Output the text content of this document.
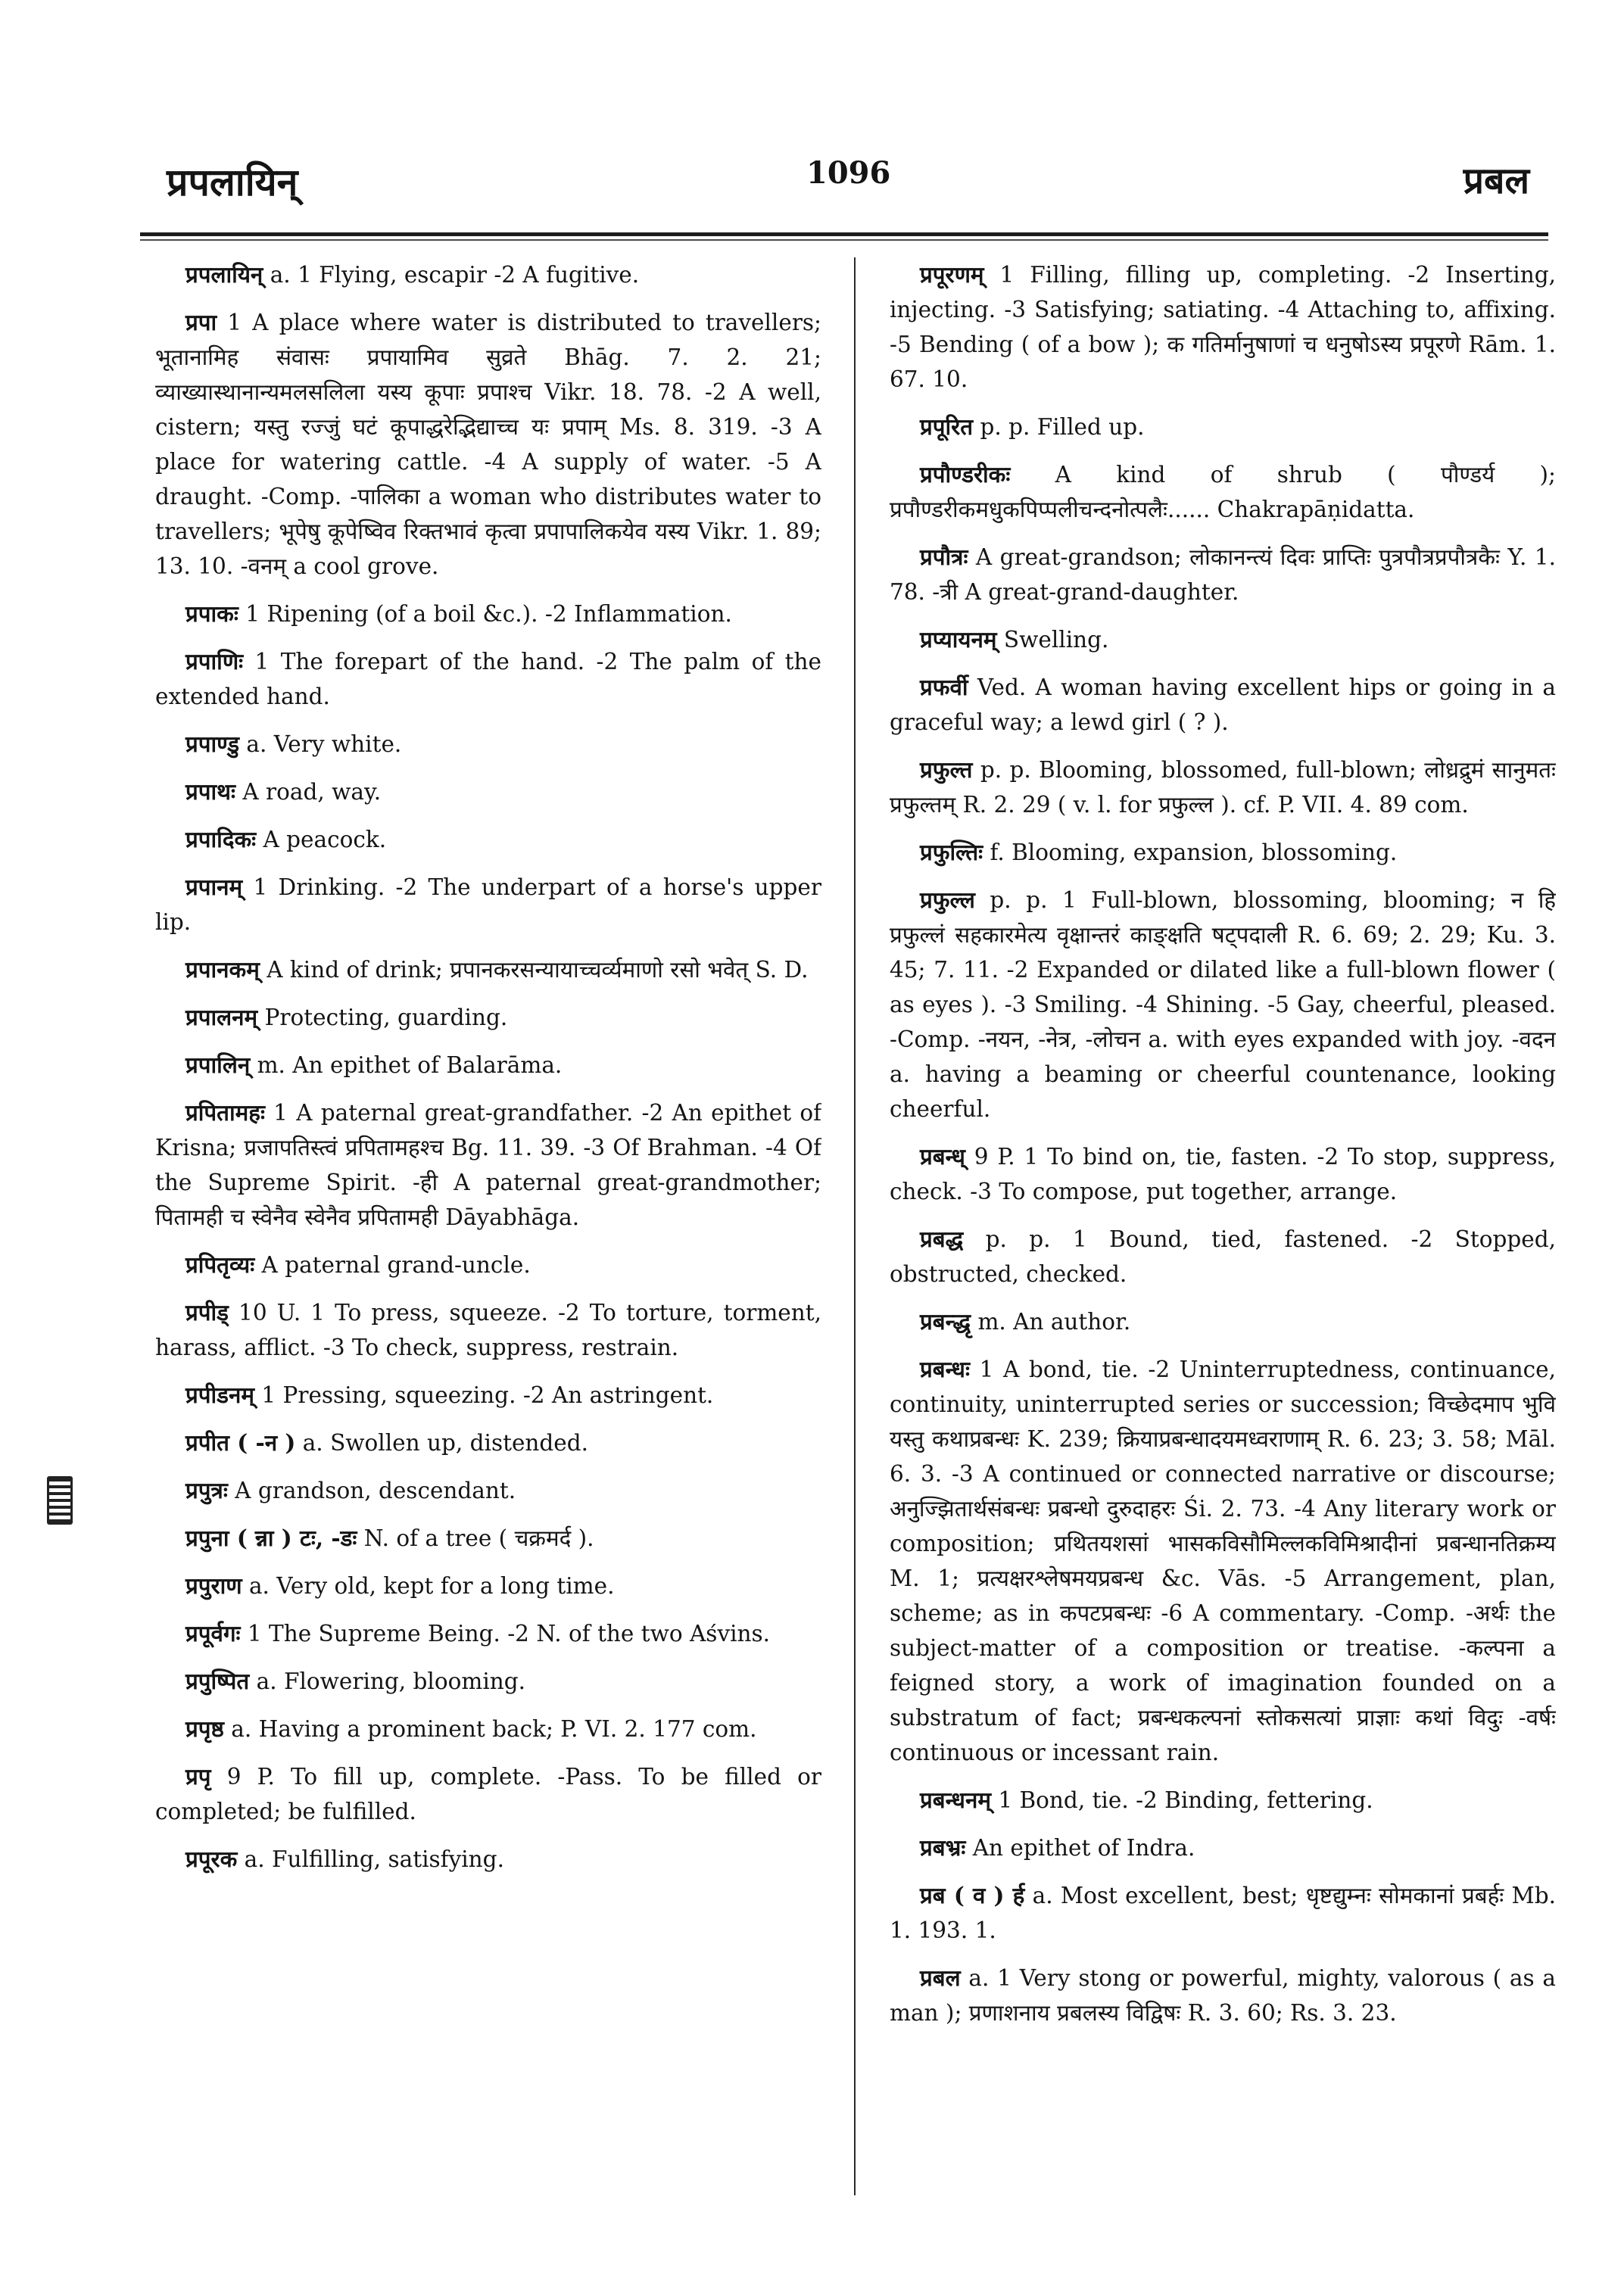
प्रपलायिन्	1096	प्रबल

प्रपलायिन् a. 1 Flying, escapir -2 A fugitive.

प्रपा 1 A place where water is distributed to travellers; भूतानामिह संवासः प्रपायामिव सुव्रते Bhāg. 7. 2. 21; व्याख्यास्थानान्यमलसलिला यस्य कूपाः प्रपाश्च Vikr. 18. 78. -2 A well, cistern; यस्तु रज्जुं घटं कूपाद्धरेद्भिद्याच्च यः प्रपाम् Ms. 8. 319. -3 A place for watering cattle. -4 A supply of water. -5 A draught. -Comp. -पालिका a woman who distributes water to travellers; भूपेषु कूपेष्विव रिक्तभावं कृत्वा प्रपापालिकयेव यस्य Vikr. 1. 89; 13. 10. -वनम् a cool grove.

प्रपाकः 1 Ripening (of a boil &c.). -2 Inflammation.

प्रपाणिः 1 The forepart of the hand. -2 The palm of the extended hand.

प्रपाण्डु a. Very white.

प्रपाथः A road, way.

प्रपादिकः A peacock.

प्रपानम् 1 Drinking. -2 The underpart of a horse's upper lip.

प्रपानकम् A kind of drink; प्रपानकरसन्यायाच्चर्व्यमाणो रसो भवेत् S. D.

प्रपालनम् Protecting, guarding.

प्रपालिन् m. An epithet of Balarāma.

प्रपितामहः 1 A paternal great-grandfather. -2 An epithet of Krisna; प्रजापतिस्त्वं प्रपितामहश्च Bg. 11. 39. -3 Of Brahman. -4 Of the Supreme Spirit. -ही A paternal great-grandmother; पितामही च स्वेनैव स्वेनैव प्रपितामही Dāyabhāga.

प्रपितृव्यः A paternal grand-uncle.

प्रपीड् 10 U. 1 To press, squeeze. -2 To torture, torment, harass, afflict. -3 To check, suppress, restrain.

प्रपीडनम् 1 Pressing, squeezing. -2 An astringent.

प्रपीत ( -न ) a. Swollen up, distended.

प्रपुत्रः A grandson, descendant.

प्रपुना ( न्ना ) टः, -डः N. of a tree ( चक्रमर्द ).

प्रपुराण a. Very old, kept for a long time.

प्रपूर्वगः 1 The Supreme Being. -2 N. of the two Aśvins.

प्रपुष्पित a. Flowering, blooming.

प्रपृष्ठ a. Having a prominent back; P. VI. 2. 177 com.

प्रपृ 9 P. To fill up, complete. -Pass. To be filled or completed; be fulfilled.

प्रपूरक a. Fulfilling, satisfying.

प्रपूरणम् 1 Filling, filling up, completing. -2 Inserting, injecting. -3 Satisfying; satiating. -4 Attaching to, affixing. -5 Bending ( of a bow ); क गतिर्मानुषाणां च धनुषोऽस्य प्रपूरणे Rām. 1. 67. 10.

प्रपूरित p. p. Filled up.

प्रपौण्डरीकः A kind of shrub ( पौण्डर्य ); प्रपौण्डरीकमधुकपिप्पलीचन्दनोत्पलैः...... Chakrapāṇidatta.

प्रपौत्रः A great-grandson; लोकानन्त्यं दिवः प्राप्तिः पुत्रपौत्रप्रपौत्रकैः Y. 1. 78. -त्री A great-grand-daughter.

प्रप्यायनम् Swelling.

प्रफर्वी Ved. A woman having excellent hips or going in a graceful way; a lewd girl ( ? ).

प्रफुल्त p. p. Blooming, blossomed, full-blown; लोध्रद्रुमं सानुमतः प्रफुल्तम् R. 2. 29 ( v. l. for प्रफुल्ल ). cf. P. VII. 4. 89 com.

प्रफुल्तिः f. Blooming, expansion, blossoming.

प्रफुल्ल p. p. 1 Full-blown, blossoming, blooming; न हि प्रफुल्लं सहकारमेत्य वृक्षान्तरं काङ्क्षति षट्पदाली R. 6. 69; 2. 29; Ku. 3. 45; 7. 11. -2 Expanded or dilated like a full-blown flower ( as eyes ). -3 Smiling. -4 Shining. -5 Gay, cheerful, pleased. -Comp. -नयन, -नेत्र, -लोचन a. with eyes expanded with joy. -वदन a. having a beaming or cheerful countenance, looking cheerful.

प्रबन्ध् 9 P. 1 To bind on, tie, fasten. -2 To stop, suppress, check. -3 To compose, put together, arrange.

प्रबद्ध p. p. 1 Bound, tied, fastened. -2 Stopped, obstructed, checked.

प्रबन्द्धृ m. An author.

प्रबन्धः 1 A bond, tie. -2 Uninterruptedness, continuance, continuity, uninterrupted series or succession; विच्छेदमाप भुवि यस्तु कथाप्रबन्धः K. 239; क्रियाप्रबन्धादयमध्वराणाम् R. 6. 23; 3. 58; Māl. 6. 3. -3 A continued or connected narrative or discourse; अनुज्झितार्थसंबन्धः प्रबन्धो दुरुदाहरः Śi. 2. 73. -4 Any literary work or composition; प्रथितयशसां भासकविसौमिल्लकविमिश्रादीनां प्रबन्धानतिक्रम्य M. 1; प्रत्यक्षरश्लेषमयप्रबन्ध &c. Vās. -5 Arrangement, plan, scheme; as in कपटप्रबन्धः -6 A commentary. -Comp. -अर्थः the subject-matter of a composition or treatise. -कल्पना a feigned story, a work of imagination founded on a substratum of fact; प्रबन्धकल्पनां स्तोकसत्यां प्राज्ञाः कथां विदुः -वर्षः continuous or incessant rain.

प्रबन्धनम् 1 Bond, tie. -2 Binding, fettering.

प्रबभ्रः An epithet of Indra.

प्रब ( व ) र्ह a. Most excellent, best; धृष्टद्युम्नः सोमकानां प्रबर्हः Mb. 1. 193. 1.

प्रबल a. 1 Very stong or powerful, mighty, valorous ( as a man ); प्रणाशनाय प्रबलस्य विद्विषः R. 3. 60; Rs. 3. 23.
